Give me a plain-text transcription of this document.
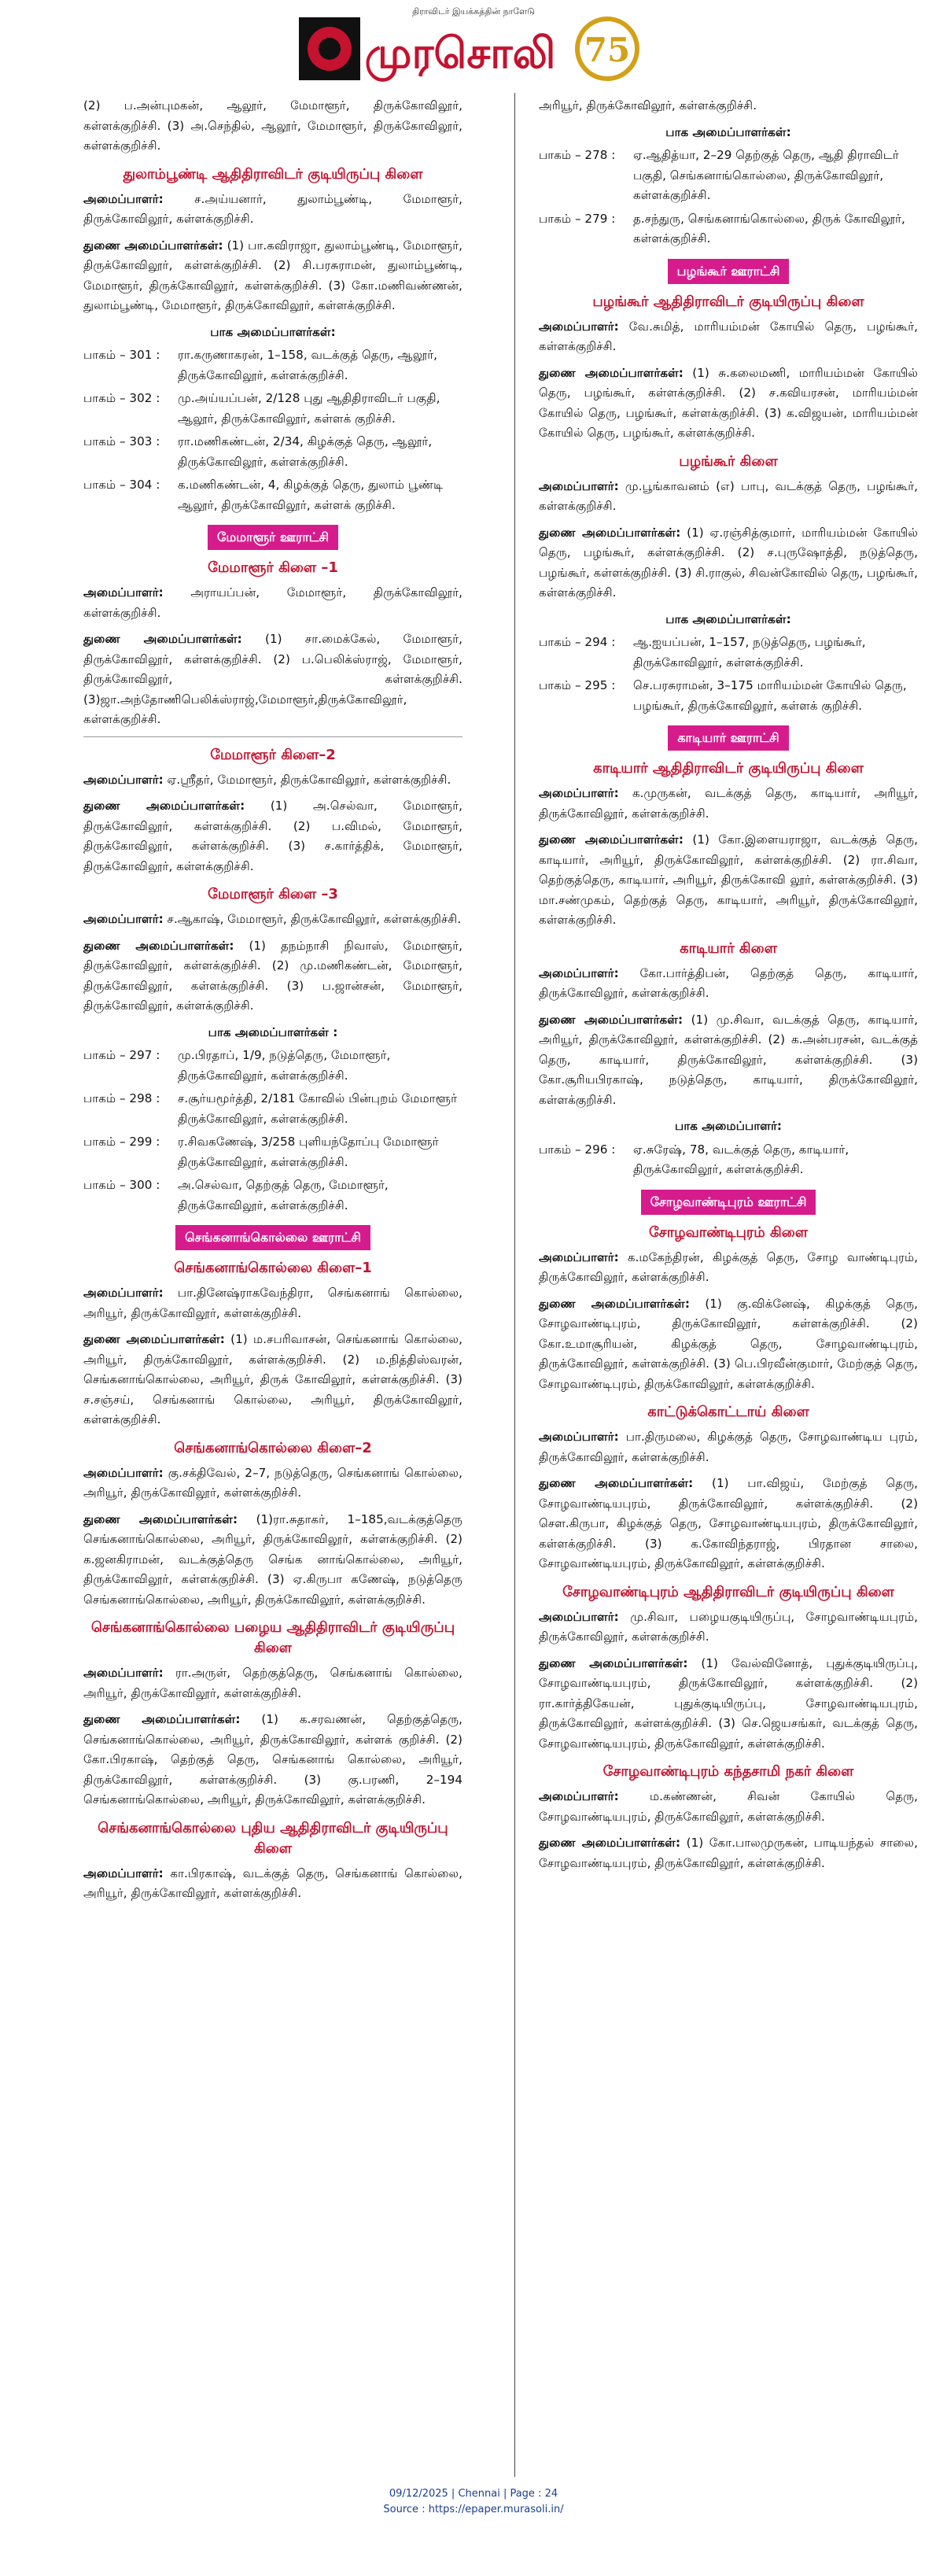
திராவிடர் இயக்கத்தின் நாளேடு
முரசொலி 75
(2) ப.அன்புமகன், ஆலூர், மேமாளூர், திருக்கோவிலூர், கள்ளக்குறிச்சி. (3) அ.செந்தில், ஆலூர், மேமாளூர், திருக்கோவிலூர், கள்ளக்குறிச்சி.
துலாம்பூண்டி ஆதிதிராவிடர் குடியிருப்பு கிளை
அமைப்பாளர்: ச.அய்யனார், துலாம்பூண்டி, மேமாளூர், திருக்கோவிலூர், கள்ளக்குறிச்சி.
துணை அமைப்பாளர்கள்: (1) பா.கவிராஜா, துலாம்பூண்டி, மேமாளூர், திருக்கோவிலூர், கள்ளக்குறிச்சி. (2) சி.பரசுராமன், துலாம்பூண்டி, மேமாளூர், திருக்கோவிலூர், கள்ளக்குறிச்சி. (3) கோ.மணிவண்ணன், துலாம்பூண்டி, மேமாளூர், திருக்கோவிலூர், கள்ளக்குறிச்சி.
பாக அமைப்பாளர்கள்:
பாகம் – 301 :	ரா.கருணாகரன், 1–158, வடக்குத் தெரு, ஆலூர், திருக்கோவிலூர், கள்ளக்குறிச்சி.
பாகம் – 302 :	மு.அய்யப்பன், 2/128 புது ஆதிதிராவிடர் பகுதி, ஆலூர், திருக்கோவிலூர், கள்ளக் குறிச்சி.
பாகம் – 303 :	ரா.மணிகண்டன், 2/34, கிழக்குத் தெரு, ஆலூர், திருக்கோவிலூர், கள்ளக்குறிச்சி.
பாகம் – 304 :	க.மணிகண்டன், 4, கிழக்குத் தெரு, துலாம் பூண்டி ஆலூர், திருக்கோவிலூர், கள்ளக் குறிச்சி.
மேமாளூர் ஊராட்சி
மேமாளூர் கிளை –1
அமைப்பாளர்: அராயப்பன், மேமாளூர், திருக்கோவிலூர், கள்ளக்குறிச்சி.
துணை அமைப்பாளர்கள்: (1) சா.மைக்கேல், மேமாளூர், திருக்கோவிலூர், கள்ளக்குறிச்சி. (2) ப.பெலிக்ஸ்ராஜ், மேமாளூர், திருக்கோவிலூர், கள்ளக்குறிச்சி. (3)ஜா.அந்தோணிபெலிக்ஸ்ராஜ்,மேமாளூர்,திருக்கோவிலூர், கள்ளக்குறிச்சி.
மேமாளூர் கிளை–2
அமைப்பாளர்: ஏ.ஸ்ரீதர், மேமாளூர், திருக்கோவிலூர், கள்ளக்குறிச்சி.
துணை அமைப்பாளர்கள்: (1) அ.செல்வா, மேமாளூர், திருக்கோவிலூர், கள்ளக்குறிச்சி. (2) ப.விமல், மேமாளூர், திருக்கோவிலூர், கள்ளக்குறிச்சி. (3) ச.கார்த்திக், மேமாளூர், திருக்கோவிலூர், கள்ளக்குறிச்சி.
மேமாளூர் கிளை –3
அமைப்பாளர்: ச.ஆகாஷ், மேமாளூர், திருக்கோவிலூர், கள்ளக்குறிச்சி.
துணை அமைப்பாளர்கள்: (1) தநம்நாசி நிவாஸ், மேமாளூர், திருக்கோவிலூர், கள்ளக்குறிச்சி. (2) மு.மணிகண்டன், மேமாளூர், திருக்கோவிலூர், கள்ளக்குறிச்சி. (3) ப.ஜான்சன், மேமாளூர், திருக்கோவிலூர், கள்ளக்குறிச்சி.
பாக அமைப்பாளர்கள் :
பாகம் – 297 :	மு.பிரதாப், 1/9, நடுத்தெரு, மேமாளூர், திருக்கோவிலூர், கள்ளக்குறிச்சி.
பாகம் – 298 :	ச.சூர்யமூர்த்தி, 2/181 கோவில் பின்புறம் மேமாளூர் திருக்கோவிலூர், கள்ளக்குறிச்சி.
பாகம் – 299 :	ர.சிவகணேஷ், 3/258 புளியந்தோப்பு மேமாளூர் திருக்கோவிலூர், கள்ளக்குறிச்சி.
பாகம் – 300 :	அ.செல்வா, தெற்குத் தெரு, மேமாளூர், திருக்கோவிலூர், கள்ளக்குறிச்சி.
செங்கனாங்கொல்லை ஊராட்சி
செங்கனாங்கொல்லை கிளை–1
அமைப்பாளர்: பா.தினேஷ்ராகவேந்திரா, செங்கனாங் கொல்லை, அரியூர், திருக்கோவிலூர், கள்ளக்குறிச்சி.
துணை அமைப்பாளர்கள்: (1) ம.சபரிவாசன், செங்கனாங் கொல்லை, அரியூர், திருக்கோவிலூர், கள்ளக்குறிச்சி. (2) ம.நித்திஸ்வரன், செங்கனாங்கொல்லை, அரியூர், திருக் கோவிலூர், கள்ளக்குறிச்சி. (3) ச.சஞ்சய், செங்கனாங் கொல்லை, அரியூர், திருக்கோவிலூர், கள்ளக்குறிச்சி.
செங்கனாங்கொல்லை கிளை–2
அமைப்பாளர்: கு.சக்திவேல், 2–7, நடுத்தெரு, செங்கனாங் கொல்லை, அரியூர், திருக்கோவிலூர், கள்ளக்குறிச்சி.
துணை அமைப்பாளர்கள்: (1)ரா.சுதாகர், 1–185,வடக்குத்தெரு செங்கனாங்கொல்லை, அரியூர், திருக்கோவிலூர், கள்ளக்குறிச்சி. (2) க.ஜனகிராமன், வடக்குத்தெரு செங்க னாங்கொல்லை, அரியூர், திருக்கோவிலூர், கள்ளக்குறிச்சி. (3) ஏ.கிருபா கணேஷ், நடுத்தெரு செங்கனாங்கொல்லை, அரியூர், திருக்கோவிலூர், கள்ளக்குறிச்சி.
செங்கனாங்கொல்லை பழைய ஆதிதிராவிடர் குடியிருப்பு கிளை
அமைப்பாளர்: ரா.அருள், தெற்குத்தெரு, செங்கனாங் கொல்லை, அரியூர், திருக்கோவிலூர், கள்ளக்குறிச்சி.
துணை அமைப்பாளர்கள்: (1) க.சரவணன், தெற்குத்தெரு, செங்கனாங்கொல்லை, அரியூர், திருக்கோவிலூர், கள்ளக் குறிச்சி. (2) கோ.பிரகாஷ், தெற்குத் தெரு, செங்கனாங் கொல்லை, அரியூர், திருக்கோவிலூர், கள்ளக்குறிச்சி. (3) கு.பரணி, 2–194 செங்கனாங்கொல்லை, அரியூர், திருக்கோவிலூர், கள்ளக்குறிச்சி.
செங்கனாங்கொல்லை புதிய ஆதிதிராவிடர் குடியிருப்பு கிளை
அமைப்பாளர்: கா.பிரகாஷ், வடக்குத் தெரு, செங்கனாங் கொல்லை, அரியூர், திருக்கோவிலூர், கள்ளக்குறிச்சி.
அரியூர், திருக்கோவிலூர், கள்ளக்குறிச்சி.
பாக அமைப்பாளர்கள்:
பாகம் – 278 :	ஏ.ஆதித்யா, 2–29 தெற்குத் தெரு, ஆதி திராவிடர் பகுதி, செங்கனாங்கொல்லை, திருக்கோவிலூர், கள்ளக்குறிச்சி.
பாகம் – 279 :	த.சந்துரு, செங்கனாங்கொல்லை, திருக் கோவிலூர், கள்ளக்குறிச்சி.
பழங்கூர் ஊராட்சி
பழங்கூர் ஆதிதிராவிடர் குடியிருப்பு கிளை
அமைப்பாளர்: வே.சுமித், மாரியம்மன் கோயில் தெரு, பழங்கூர், கள்ளக்குறிச்சி.
துணை அமைப்பாளர்கள்: (1) சு.கலைமணி, மாரியம்மன் கோயில் தெரு, பழங்கூர், கள்ளக்குறிச்சி. (2) ச.கவியரசன், மாரியம்மன் கோயில் தெரு, பழங்கூர், கள்ளக்குறிச்சி. (3) க.விஜயன், மாரியம்மன் கோயில் தெரு, பழங்கூர், கள்ளக்குறிச்சி.
பழங்கூர் கிளை
அமைப்பாளர்: மு.பூங்காவனம் (எ) பாபு, வடக்குத் தெரு, பழங்கூர், கள்ளக்குறிச்சி.
துணை அமைப்பாளர்கள்: (1) ஏ.ரஞ்சித்குமார், மாரியம்மன் கோயில் தெரு, பழங்கூர், கள்ளக்குறிச்சி. (2) ச.புருஷோத்தி, நடுத்தெரு, பழங்கூர், கள்ளக்குறிச்சி. (3) சி.ராகுல், சிவன்கோவில் தெரு, பழங்கூர், கள்ளக்குறிச்சி.
பாக அமைப்பாளர்கள்:
பாகம் – 294 :	ஆ.ஐயப்பன், 1–157, நடுத்தெரு, பழங்கூர், திருக்கோவிலூர், கள்ளக்குறிச்சி.
பாகம் – 295 :	செ.பரசுராமன், 3–175 மாரியம்மன் கோயில் தெரு, பழங்கூர், திருக்கோவிலூர், கள்ளக் குறிச்சி.
காடியார் ஊராட்சி
காடியார் ஆதிதிராவிடர் குடியிருப்பு கிளை
அமைப்பாளர்: க.முருகன், வடக்குத் தெரு, காடியார், அரியூர், திருக்கோவிலூர், கள்ளக்குறிச்சி.
துணை அமைப்பாளர்கள்: (1) கோ.இளையராஜா, வடக்குத் தெரு, காடியார், அரியூர், திருக்கோவிலூர், கள்ளக்குறிச்சி. (2) ரா.சிவா, தெற்குத்தெரு, காடியார், அரியூர், திருக்கோவி லூர், கள்ளக்குறிச்சி. (3) மா.சண்முகம், தெற்குத் தெரு, காடியார், அரியூர், திருக்கோவிலூர், கள்ளக்குறிச்சி.
காடியார் கிளை
அமைப்பாளர்: கோ.பார்த்திபன், தெற்குத் தெரு, காடியார், திருக்கோவிலூர், கள்ளக்குறிச்சி.
துணை அமைப்பாளர்கள்: (1) மு.சிவா, வடக்குத் தெரு, காடியார், அரியூர், திருக்கோவிலூர், கள்ளக்குறிச்சி. (2) க.அன்பரசன், வடக்குத் தெரு, காடியார், திருக்கோவிலூர், கள்ளக்குறிச்சி. (3) கோ.சூரியபிரகாஷ், நடுத்தெரு, காடியார், திருக்கோவிலூர், கள்ளக்குறிச்சி.
பாக அமைப்பாளர்:
பாகம் – 296 :	ஏ.சுரேஷ், 78, வடக்குத் தெரு, காடியார், திருக்கோவிலூர், கள்ளக்குறிச்சி.
சோழவாண்டிபுரம் ஊராட்சி
சோழவாண்டிபுரம் கிளை
அமைப்பாளர்: க.மகேந்திரன், கிழக்குத் தெரு, சோழ வாண்டிபுரம், திருக்கோவிலூர், கள்ளக்குறிச்சி.
துணை அமைப்பாளர்கள்: (1) கு.விக்னேஷ், கிழக்குத் தெரு, சோழவாண்டிபுரம், திருக்கோவிலூர், கள்ளக்குறிச்சி. (2) கோ.உமாசூரியன், கிழக்குத் தெரு, சோழவாண்டிபுரம், திருக்கோவிலூர், கள்ளக்குறிச்சி. (3) பெ.பிரவீன்குமார், மேற்குத் தெரு, சோழவாண்டிபுரம், திருக்கோவிலூர், கள்ளக்குறிச்சி.
காட்டுக்கொட்டாய் கிளை
அமைப்பாளர்: பா.திருமலை, கிழக்குத் தெரு, சோழவாண்டிய புரம், திருக்கோவிலூர், கள்ளக்குறிச்சி.
துணை அமைப்பாளர்கள்: (1) பா.விஜய், மேற்குத் தெரு, சோழவாண்டியபுரம், திருக்கோவிலூர், கள்ளக்குறிச்சி. (2) சௌ.கிருபா, கிழக்குத் தெரு, சோழவாண்டியபுரம், திருக்கோவிலூர், கள்ளக்குறிச்சி. (3) க.கோவிந்தராஜ், பிரதான சாலை, சோழவாண்டியபுரம், திருக்கோவிலூர், கள்ளக்குறிச்சி.
சோழவாண்டிபுரம் ஆதிதிராவிடர் குடியிருப்பு கிளை
அமைப்பாளர்: மு.சிவா, பழையகுடியிருப்பு, சோழவாண்டியபுரம், திருக்கோவிலூர், கள்ளக்குறிச்சி.
துணை அமைப்பாளர்கள்: (1) வேல்வினோத், புதுக்குடியிருப்பு, சோழவாண்டியபுரம், திருக்கோவிலூர், கள்ளக்குறிச்சி. (2) ரா.கார்த்திகேயன், புதுக்குடியிருப்பு, சோழவாண்டியபுரம், திருக்கோவிலூர், கள்ளக்குறிச்சி. (3) செ.ஜெயசங்கர், வடக்குத் தெரு, சோழவாண்டியபுரம், திருக்கோவிலூர், கள்ளக்குறிச்சி.
சோழவாண்டிபுரம் கந்தசாமி நகர் கிளை
அமைப்பாளர்: ம.கண்ணன், சிவன் கோயில் தெரு, சோழவாண்டியபுரம், திருக்கோவிலூர், கள்ளக்குறிச்சி.
துணை அமைப்பாளர்கள்: (1) கோ.பாலமுருகன், பாடியந்தல் சாலை, சோழவாண்டியபுரம், திருக்கோவிலூர், கள்ளக்குறிச்சி.
09/12/2025 | Chennai | Page : 24
Source : https://epaper.murasoli.in/
